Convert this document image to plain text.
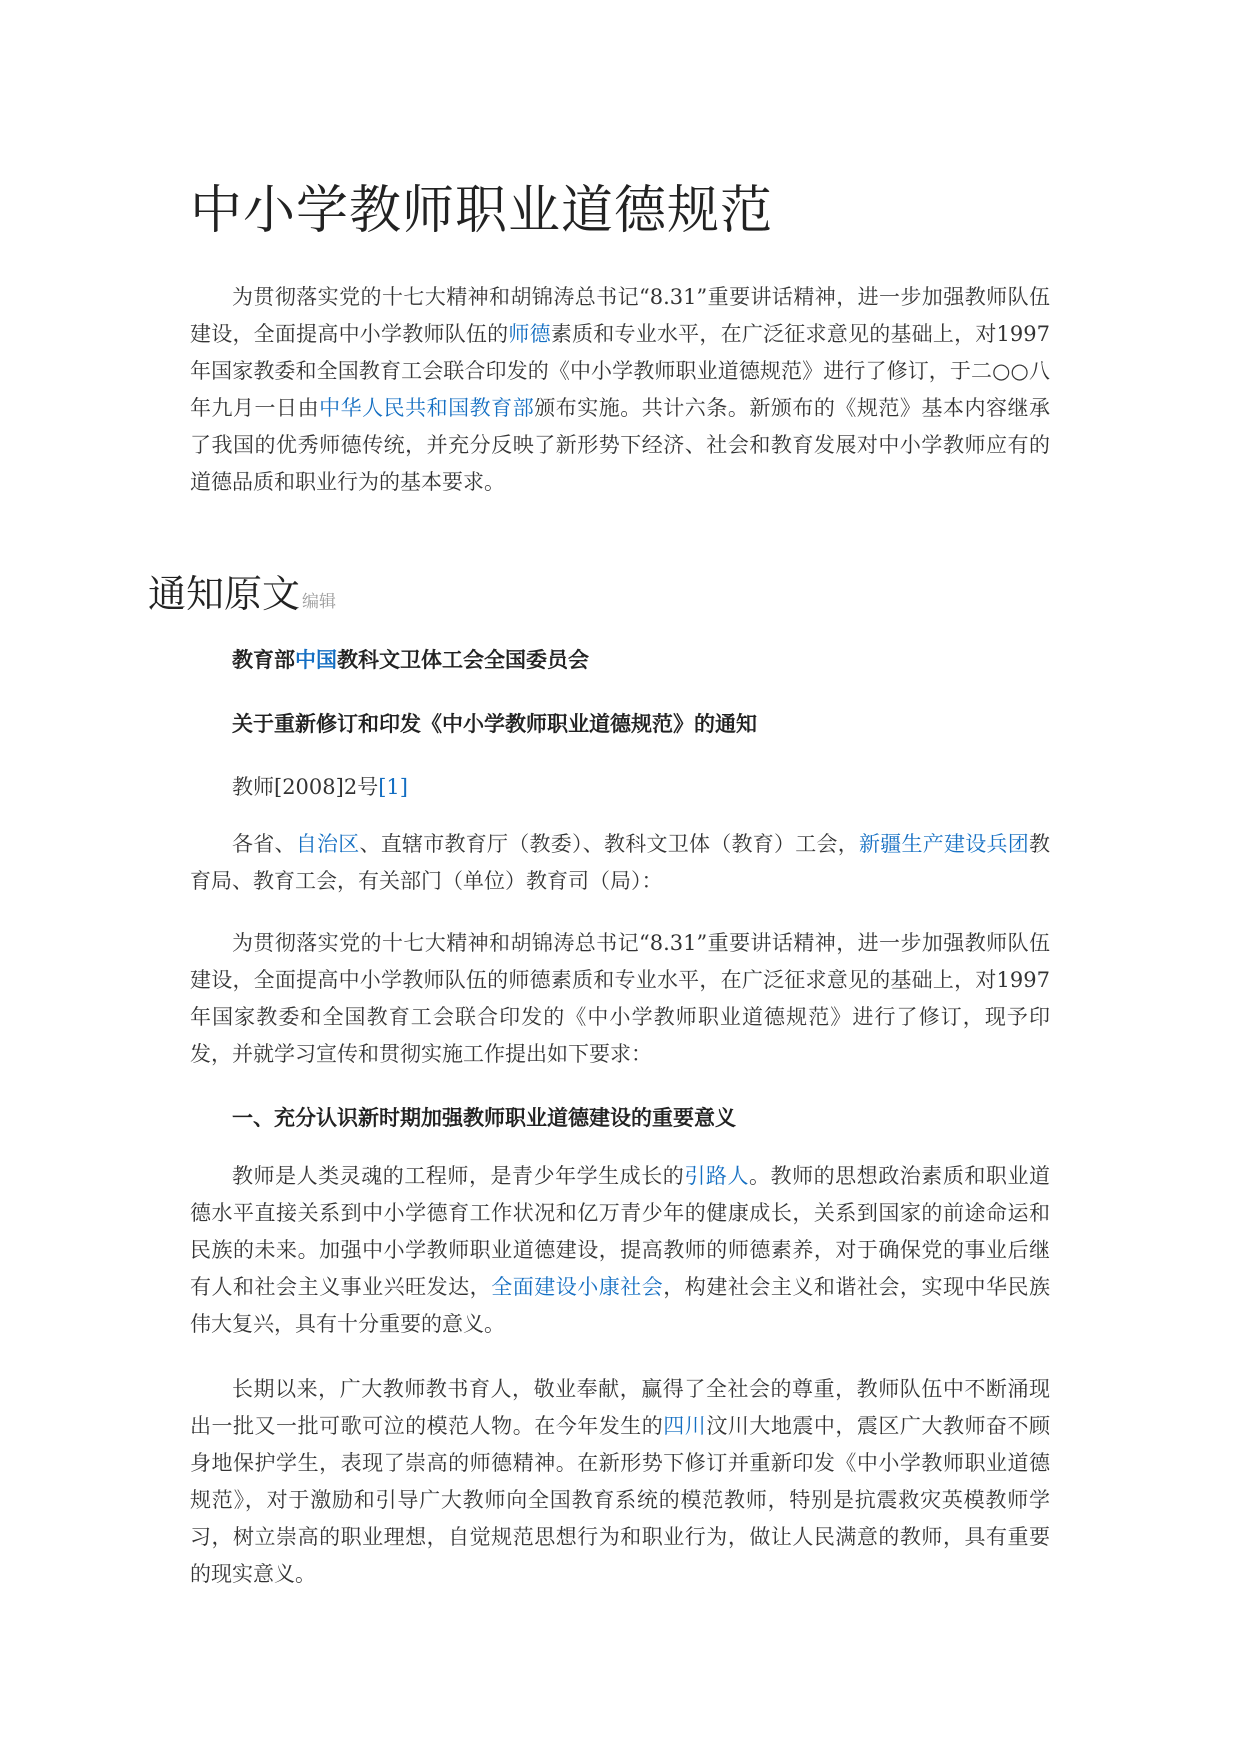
中小学教师职业道德规范

为贯彻落实党的十七大精神和胡锦涛总书记“8.31”重要讲话精神，进一步加强教师队伍建设，全面提高中小学教师队伍的师德素质和专业水平，在广泛征求意见的基础上，对1997年国家教委和全国教育工会联合印发的《中小学教师职业道德规范》进行了修订，于二○○八年九月一日由中华人民共和国教育部颁布实施。共计六条。新颁布的《规范》基本内容继承了我国的优秀师德传统，并充分反映了新形势下经济、社会和教育发展对中小学教师应有的道德品质和职业行为的基本要求。

通知原文 编辑

教育部中国教科文卫体工会全国委员会

关于重新修订和印发《中小学教师职业道德规范》的通知

教师[2008]2号[1]

各省、自治区、直辖市教育厅（教委）、教科文卫体（教育）工会，新疆生产建设兵团教育局、教育工会，有关部门（单位）教育司（局）：

为贯彻落实党的十七大精神和胡锦涛总书记“8.31”重要讲话精神，进一步加强教师队伍建设，全面提高中小学教师队伍的师德素质和专业水平，在广泛征求意见的基础上，对1997年国家教委和全国教育工会联合印发的《中小学教师职业道德规范》进行了修订，现予印发，并就学习宣传和贯彻实施工作提出如下要求：

一、充分认识新时期加强教师职业道德建设的重要意义

教师是人类灵魂的工程师，是青少年学生成长的引路人。教师的思想政治素质和职业道德水平直接关系到中小学德育工作状况和亿万青少年的健康成长，关系到国家的前途命运和民族的未来。加强中小学教师职业道德建设，提高教师的师德素养，对于确保党的事业后继有人和社会主义事业兴旺发达，全面建设小康社会，构建社会主义和谐社会，实现中华民族伟大复兴，具有十分重要的意义。

长期以来，广大教师教书育人，敬业奉献，赢得了全社会的尊重，教师队伍中不断涌现出一批又一批可歌可泣的模范人物。在今年发生的四川汶川大地震中，震区广大教师奋不顾身地保护学生，表现了崇高的师德精神。在新形势下修订并重新印发《中小学教师职业道德规范》，对于激励和引导广大教师向全国教育系统的模范教师，特别是抗震救灾英模教师学习，树立崇高的职业理想，自觉规范思想行为和职业行为，做让人民满意的教师，具有重要的现实意义。
